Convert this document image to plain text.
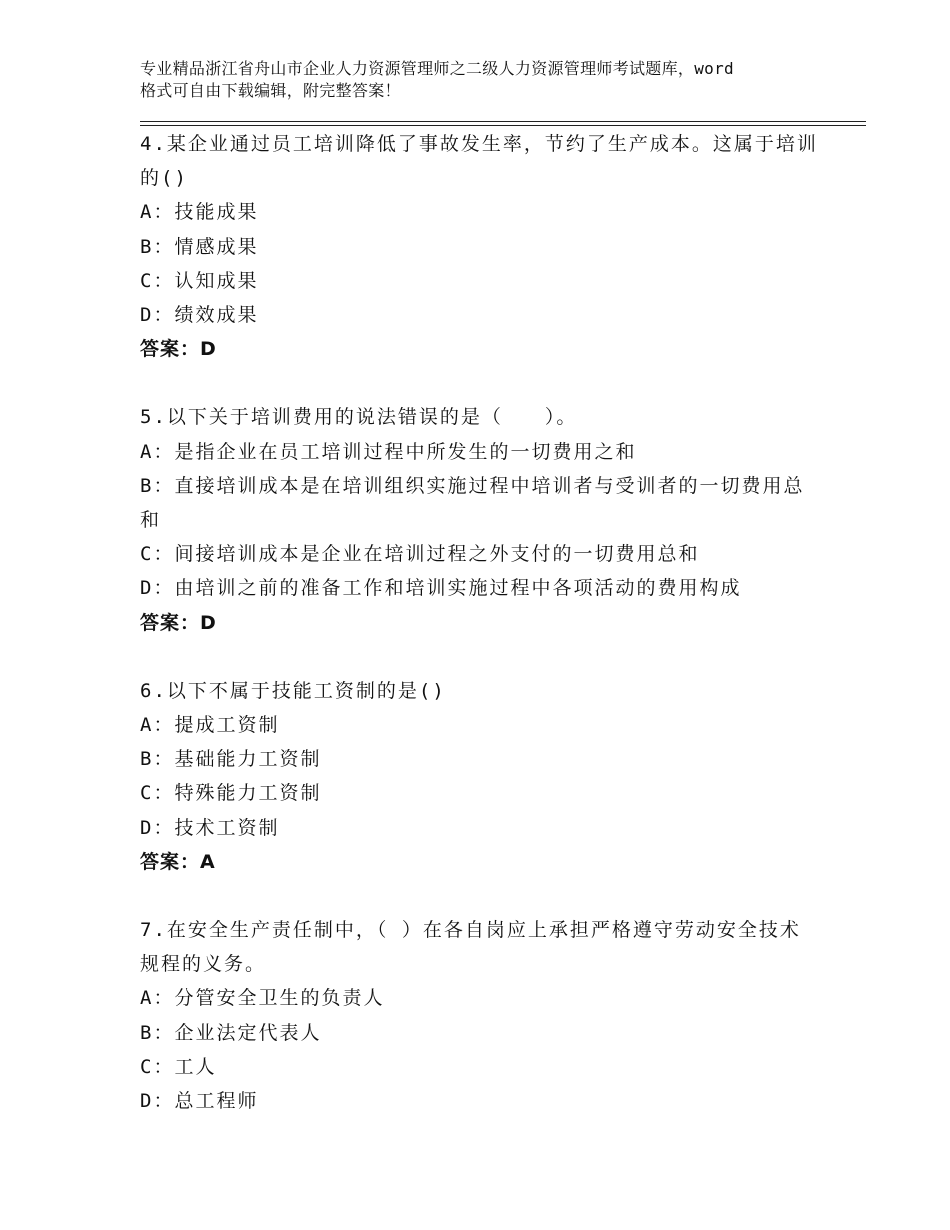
专业精品浙江省舟山市企业人力资源管理师之二级人力资源管理师考试题库，word
格式可自由下载编辑，附完整答案！
4.某企业通过员工培训降低了事故发生率，节约了生产成本。这属于培训的()
A：技能成果
B：情感成果
C：认知成果
D：绩效成果
答案：D
5.以下关于培训费用的说法错误的是（　　）。
A：是指企业在员工培训过程中所发生的一切费用之和
B：直接培训成本是在培训组织实施过程中培训者与受训者的一切费用总和
C：间接培训成本是企业在培训过程之外支付的一切费用总和
D：由培训之前的准备工作和培训实施过程中各项活动的费用构成
答案：D
6.以下不属于技能工资制的是()
A：提成工资制
B：基础能力工资制
C：特殊能力工资制
D：技术工资制
答案：A
7.在安全生产责任制中，（ ）在各自岗应上承担严格遵守劳动安全技术规程的义务。
A：分管安全卫生的负责人
B：企业法定代表人
C：工人
D：总工程师
